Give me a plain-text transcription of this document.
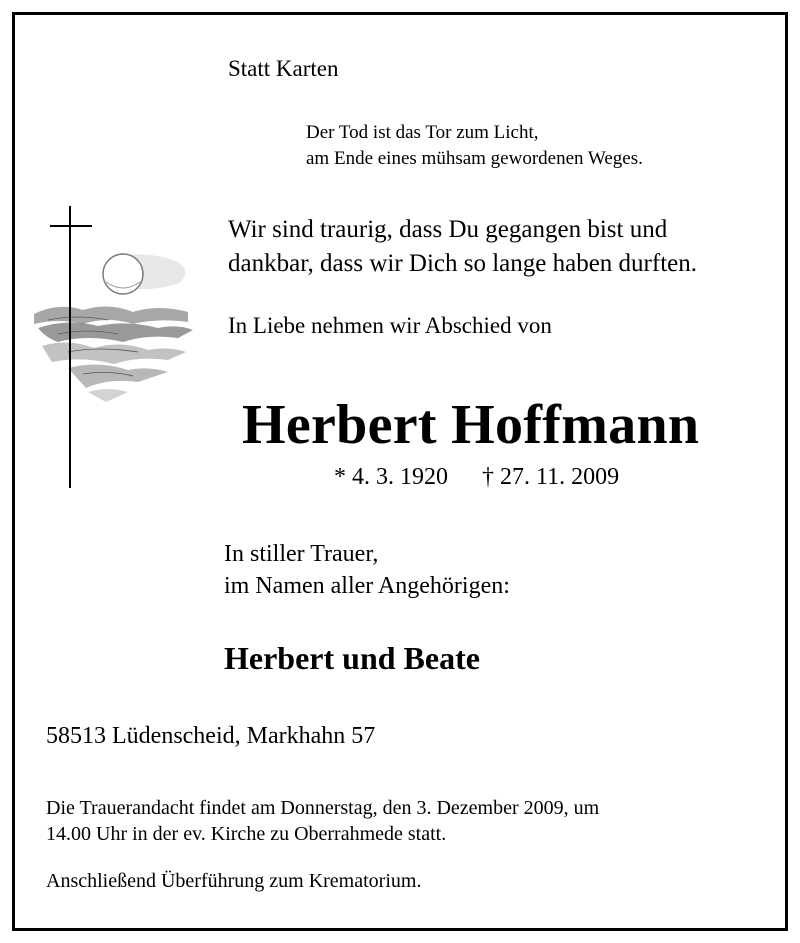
Statt Karten
Der Tod ist das Tor zum Licht,
am Ende eines mühsam gewordenen Weges.
Wir sind traurig, dass Du gegangen bist und
dankbar, dass wir Dich so lange haben durften.
In Liebe nehmen wir Abschied von
Herbert Hoffmann
* 4. 3. 1920 † 27. 11. 2009
In stiller Trauer,
im Namen aller Angehörigen:
Herbert und Beate
58513 Lüdenscheid, Markhahn 57
Die Trauerandacht findet am Donnerstag, den 3. Dezember 2009, um
14.00 Uhr in der ev. Kirche zu Oberrahmede statt.
Anschließend Überführung zum Krematorium.
